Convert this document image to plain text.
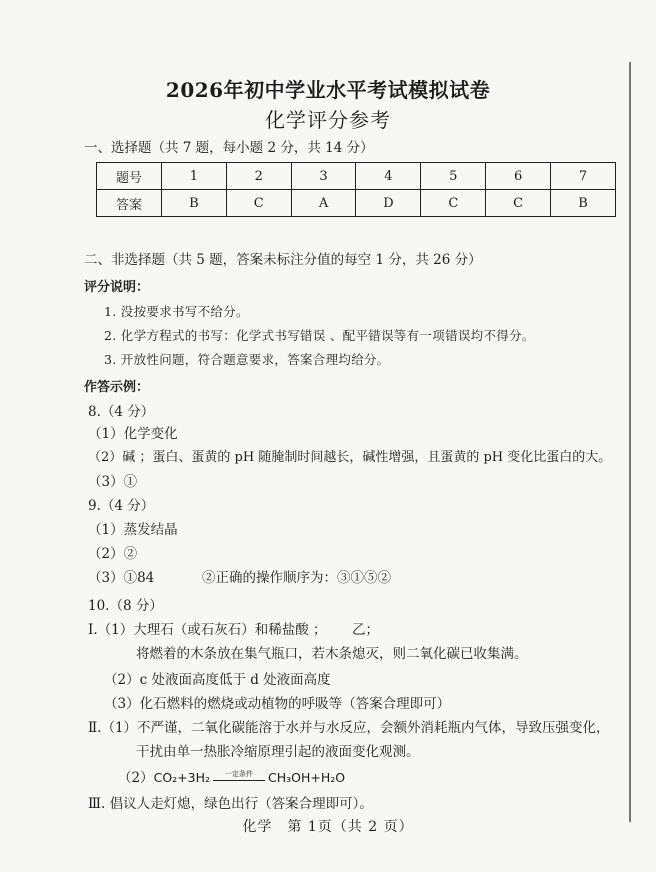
2026年初中学业水平考试模拟试卷
化学评分参考
一、选择题（共 7 题，每小题 2 分，共 14 分）
题号	1	2	3	4	5	6	7
答案	B	C	A	D	C	C	B
二、非选择题（共 5 题，答案未标注分值的每空 1 分，共 26 分）
评分说明：
1. 没按要求书写不给分。
2. 化学方程式的书写：化学式书写错误 、配平错误等有一项错误均不得分。
3. 开放性问题，符合题意要求，答案合理均给分。
作答示例：
8.（4 分）
（1）化学变化
（2）碱 ；蛋白、蛋黄的 pH 随腌制时间越长，碱性增强，且蛋黄的 pH 变化比蛋白的大。
（3）①
9.（4 分）
（1）蒸发结晶
（2）②
（3）①84	②正确的操作顺序为：③①⑤②
10.（8 分）
Ⅰ.（1）大理石（或石灰石）和稀盐酸 ； 乙；
将燃着的木条放在集气瓶口，若木条熄灭，则二氧化碳已收集满。
（2）c 处液面高度低于 d 处液面高度
（3）化石燃料的燃烧或动植物的呼吸等（答案合理即可）
Ⅱ.（1）不严谨，二氧化碳能溶于水并与水反应，会额外消耗瓶内气体，导致压强变化，
干扰由单一热胀冷缩原理引起的液面变化观测。
（2）CO₂+3H₂	一定条件	CH₃OH+H₂O
Ⅲ. 倡议人走灯熄，绿色出行（答案合理即可）。
化学　第 1页（共 2 页）
